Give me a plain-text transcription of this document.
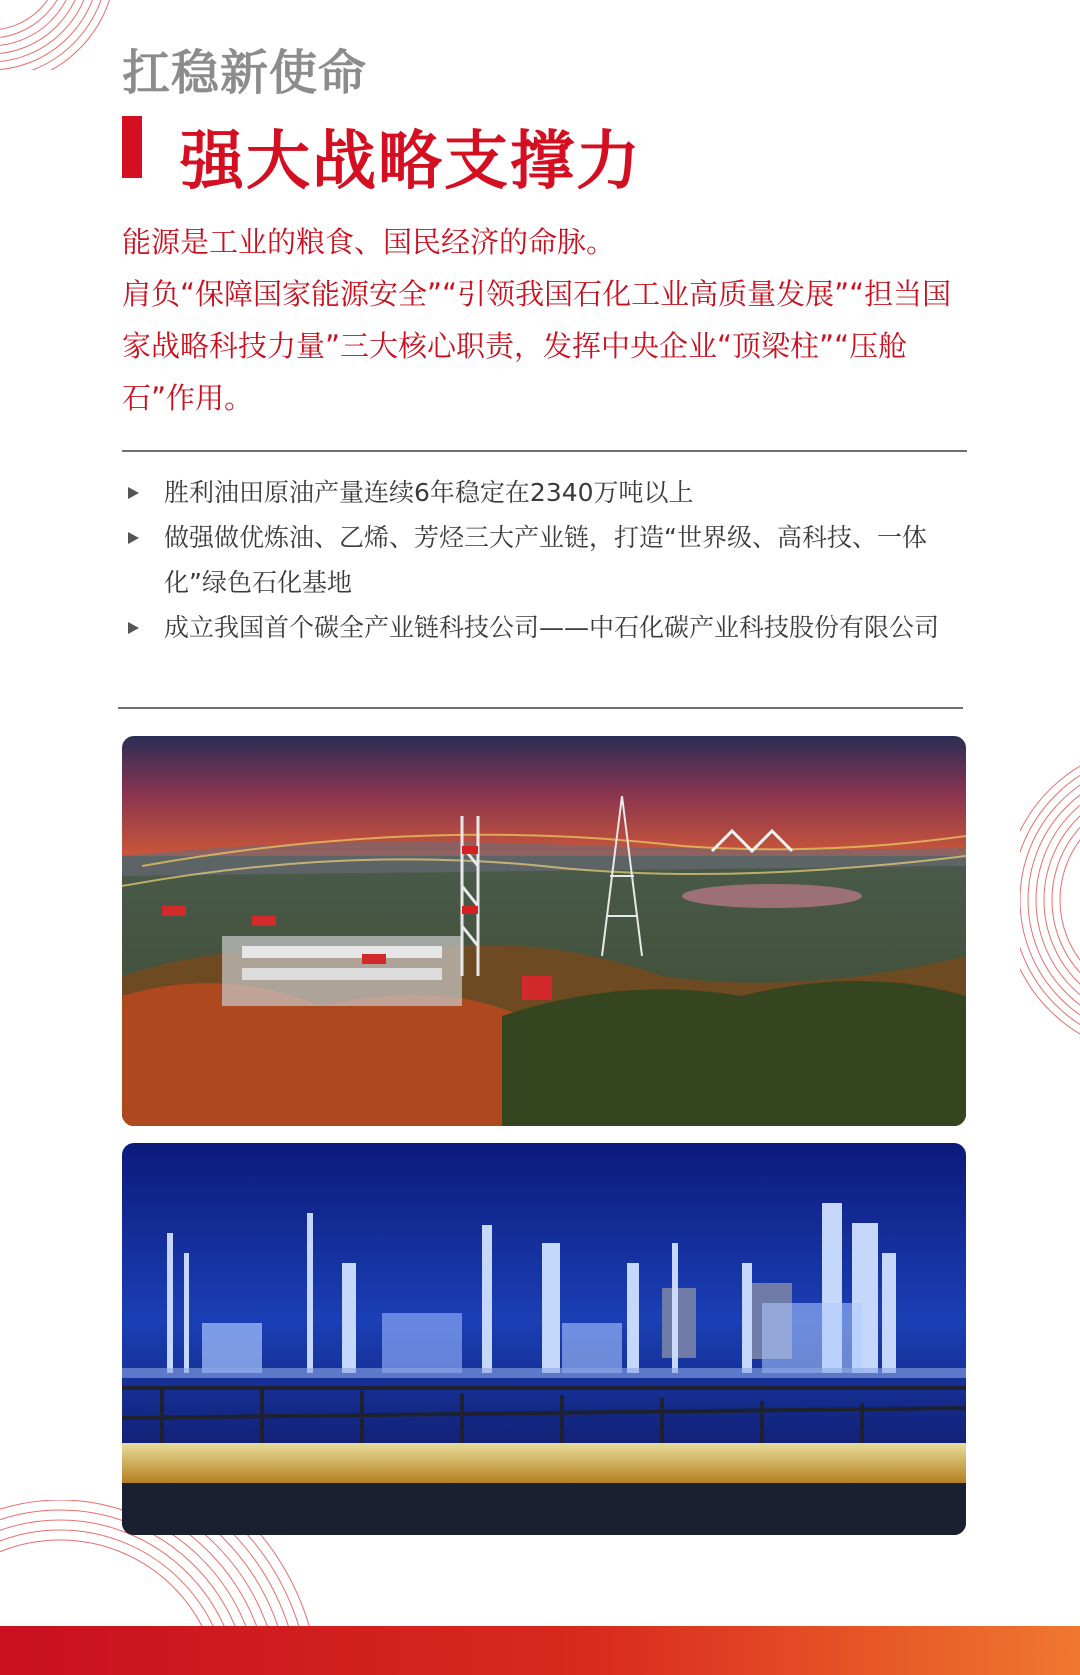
扛稳新使命
强大战略支撑力
能源是工业的粮食、国民经济的命脉。
肩负“保障国家能源安全”“引领我国石化工业高质量发展”“担当国家战略科技力量”三大核心职责，发挥中央企业“顶梁柱”“压舱石”作用。
胜利油田原油产量连续6年稳定在2340万吨以上
做强做优炼油、乙烯、芳烃三大产业链，打造“世界级、高科技、一体化”绿色石化基地
成立我国首个碳全产业链科技公司——中石化碳产业科技股份有限公司
